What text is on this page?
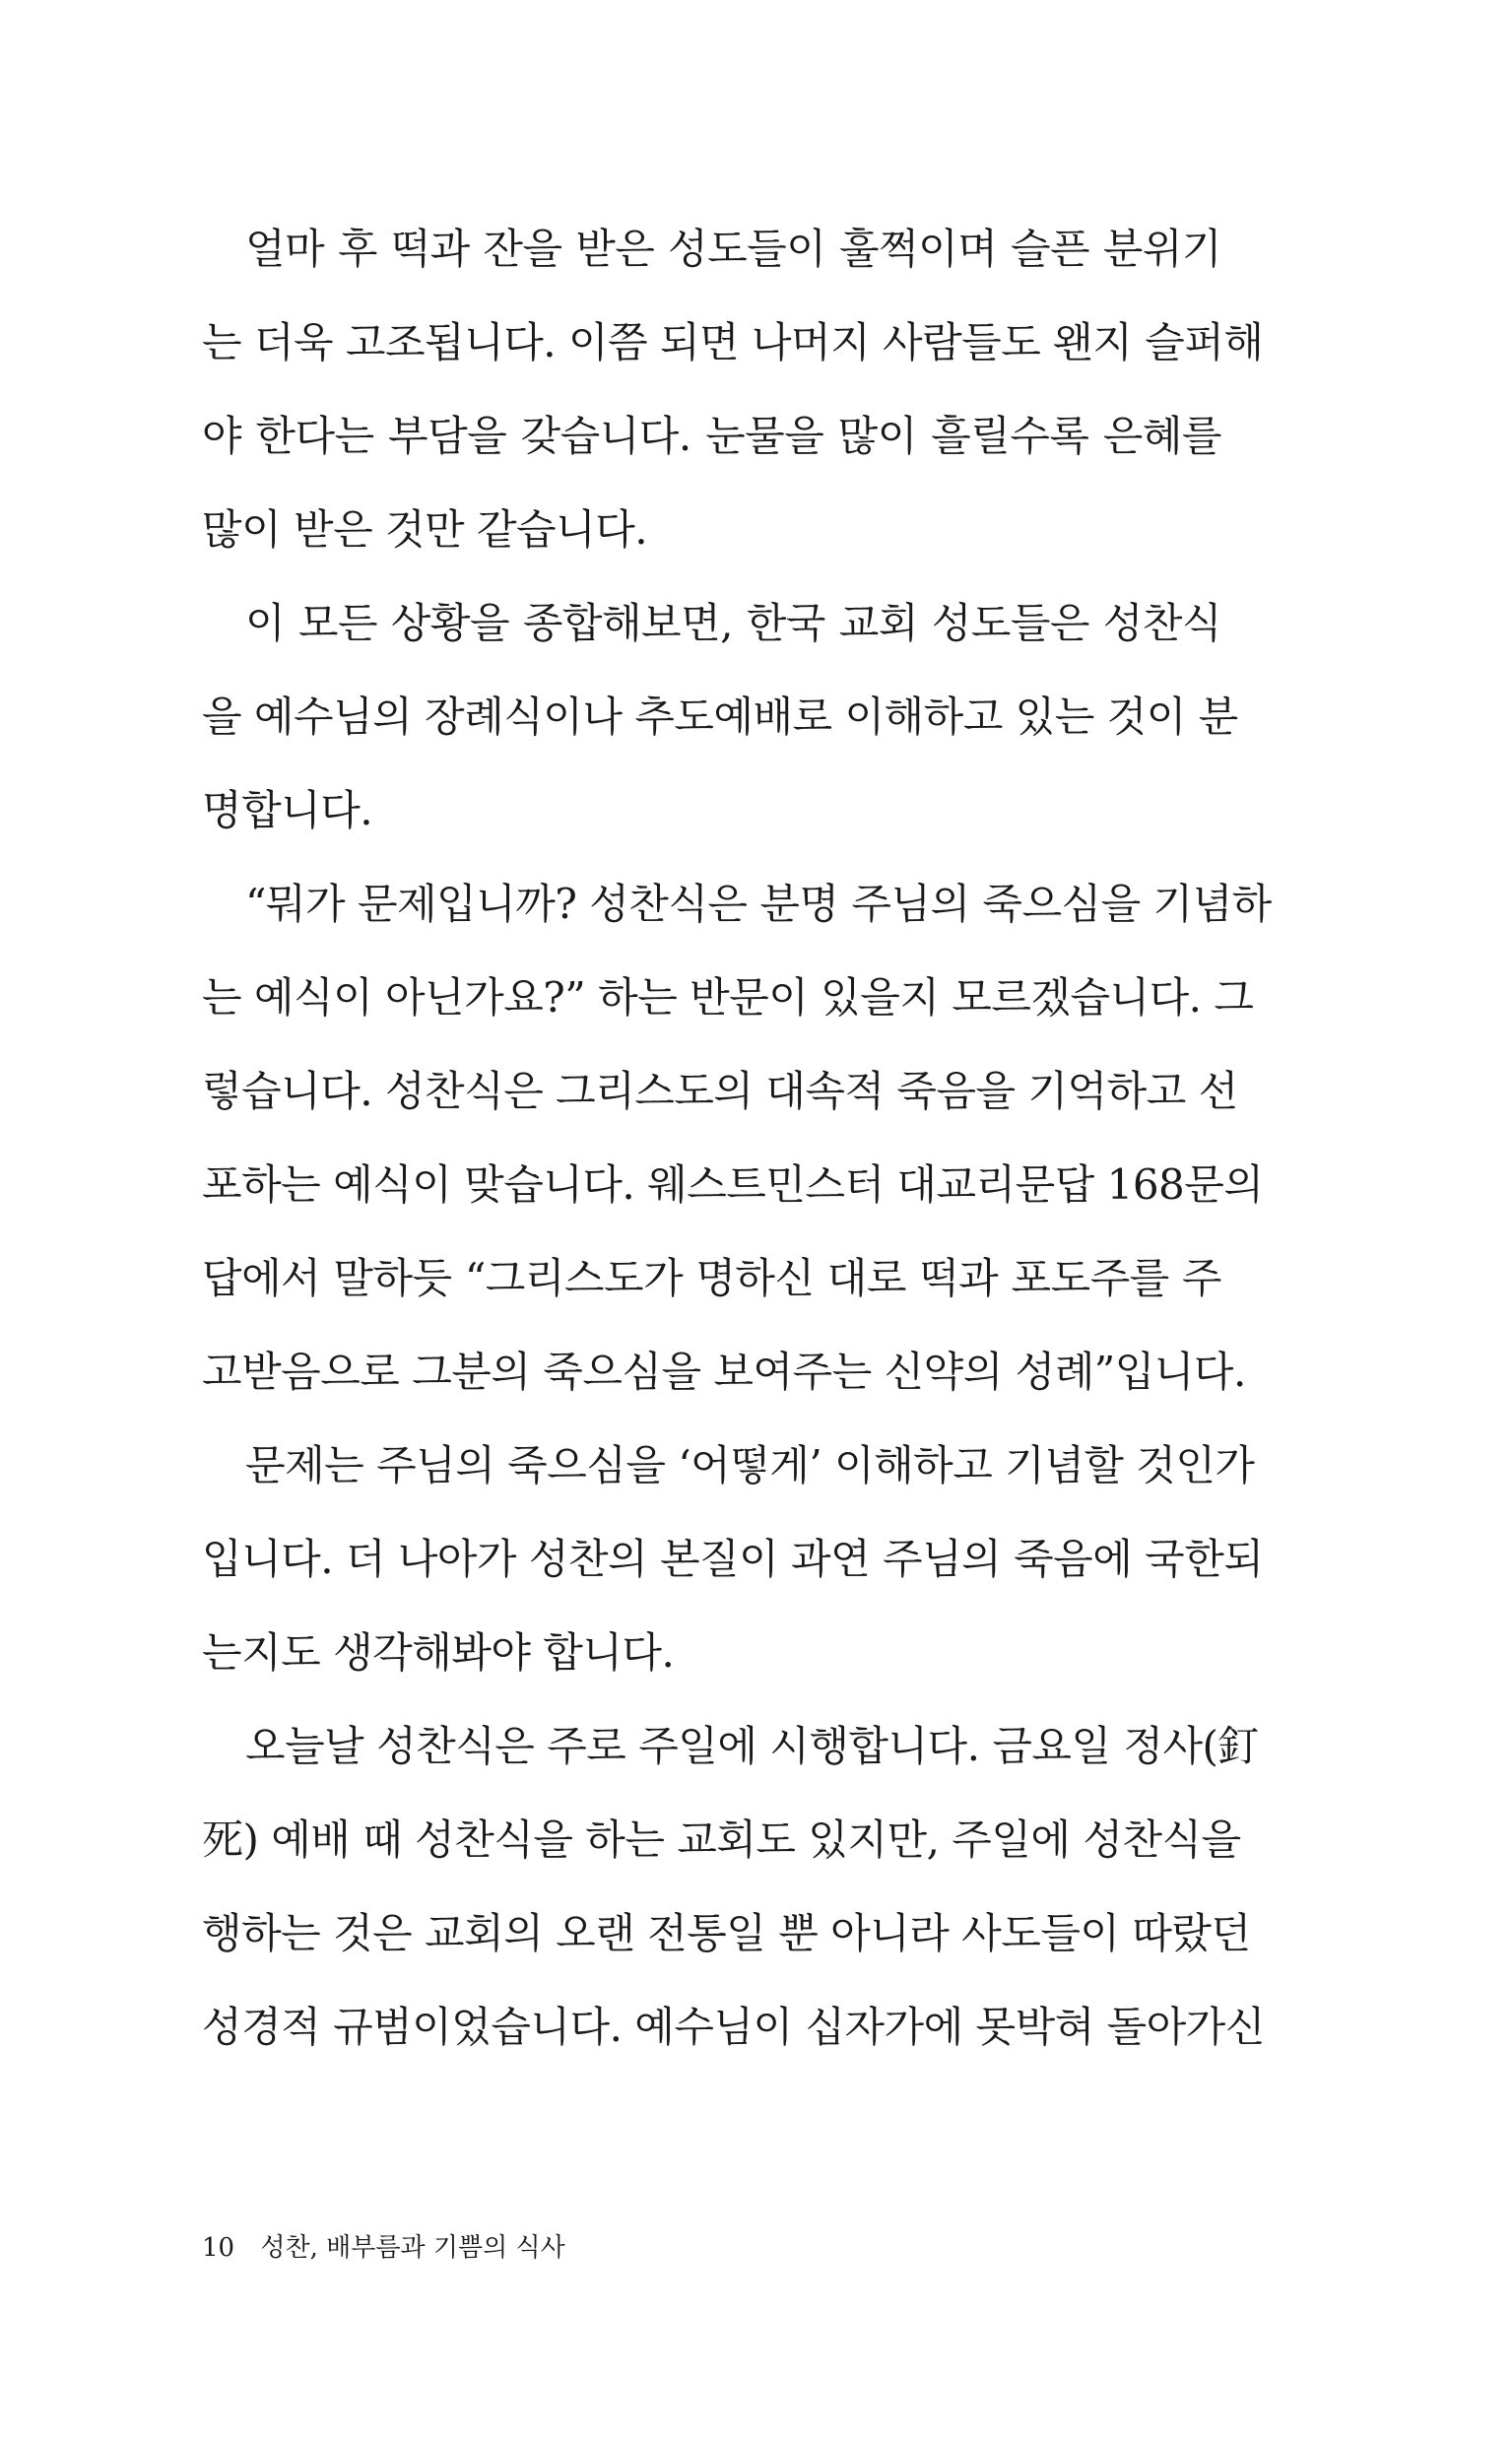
얼마 후 떡과 잔을 받은 성도들이 훌쩍이며 슬픈 분위기
는 더욱 고조됩니다. 이쯤 되면 나머지 사람들도 왠지 슬퍼해
야 한다는 부담을 갖습니다. 눈물을 많이 흘릴수록 은혜를
많이 받은 것만 같습니다.
이 모든 상황을 종합해보면, 한국 교회 성도들은 성찬식
을 예수님의 장례식이나 추도예배로 이해하고 있는 것이 분
명합니다.
“뭐가 문제입니까? 성찬식은 분명 주님의 죽으심을 기념하
는 예식이 아닌가요?” 하는 반문이 있을지 모르겠습니다. 그
렇습니다. 성찬식은 그리스도의 대속적 죽음을 기억하고 선
포하는 예식이 맞습니다. 웨스트민스터 대교리문답 168문의
답에서 말하듯 “그리스도가 명하신 대로 떡과 포도주를 주
고받음으로 그분의 죽으심을 보여주는 신약의 성례”입니다.
문제는 주님의 죽으심을 ‘어떻게’ 이해하고 기념할 것인가
입니다. 더 나아가 성찬의 본질이 과연 주님의 죽음에 국한되
는지도 생각해봐야 합니다.
오늘날 성찬식은 주로 주일에 시행합니다. 금요일 정사(釘
死) 예배 때 성찬식을 하는 교회도 있지만, 주일에 성찬식을
행하는 것은 교회의 오랜 전통일 뿐 아니라 사도들이 따랐던
성경적 규범이었습니다. 예수님이 십자가에 못박혀 돌아가신
10 성찬, 배부름과 기쁨의 식사
